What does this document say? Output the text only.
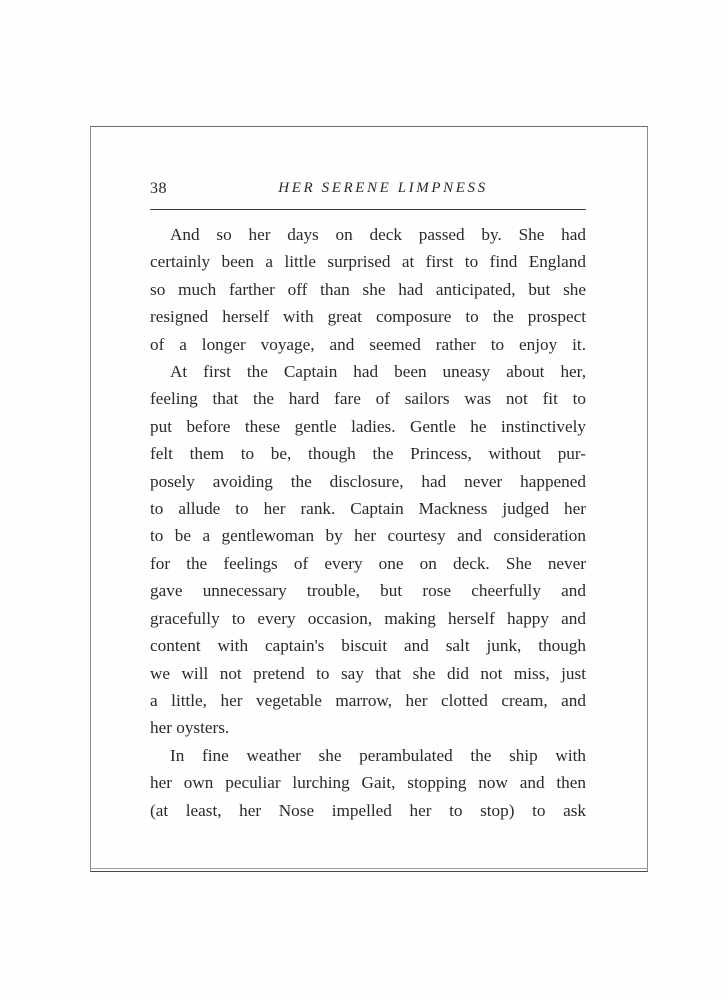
38	HER SERENE LIMPNESS
And so her days on deck passed by. She had
certainly been a little surprised at first to find England
so much farther off than she had anticipated, but she
resigned herself with great composure to the prospect
of a longer voyage, and seemed rather to enjoy it.
At first the Captain had been uneasy about her,
feeling that the hard fare of sailors was not fit to
put before these gentle ladies. Gentle he instinctively
felt them to be, though the Princess, without pur-
posely avoiding the disclosure, had never happened
to allude to her rank. Captain Mackness judged her
to be a gentlewoman by her courtesy and consideration
for the feelings of every one on deck. She never
gave unnecessary trouble, but rose cheerfully and
gracefully to every occasion, making herself happy and
content with captain's biscuit and salt junk, though
we will not pretend to say that she did not miss, just
a little, her vegetable marrow, her clotted cream, and
her oysters.
In fine weather she perambulated the ship with
her own peculiar lurching Gait, stopping now and then
(at least, her Nose impelled her to stop) to ask
